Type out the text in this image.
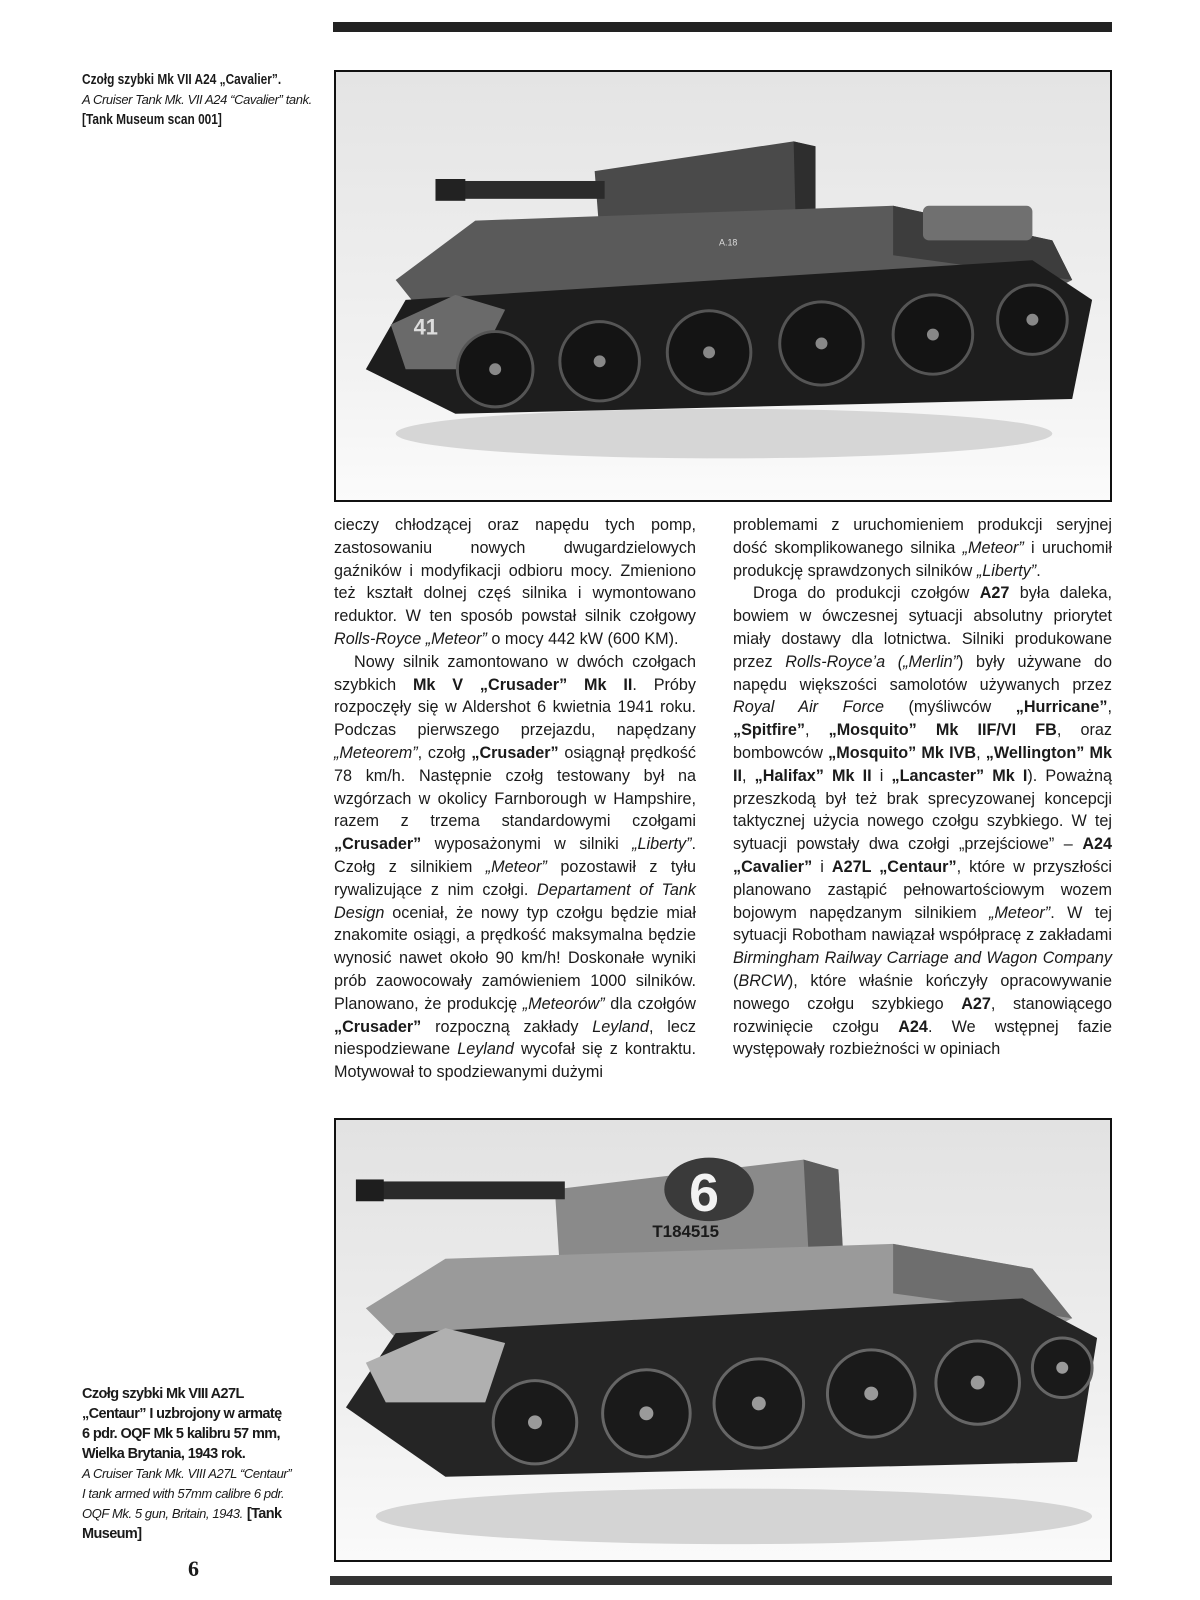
Czołg szybki Mk VII A24 „Cavalier”.
A Cruiser Tank Mk. VII A24 “Cavalier” tank.
[Tank Museum scan 001]
41
A.18

cieczy chłodzącej oraz napędu tych pomp, zastosowaniu nowych dwugardzielowych gaźników i modyfikacji odbioru mocy. Zmieniono też kształt dolnej częś silnika i wymontowano reduktor. W ten sposób powstał silnik czołgowy Rolls-Royce „Meteor” o mocy 442 kW (600 KM).

Nowy silnik zamontowano w dwóch czołgach szybkich Mk V „Crusader” Mk II. Próby rozpoczęły się w Aldershot 6 kwietnia 1941 roku. Podczas pierwszego przejazdu, napędzany „Meteorem”, czołg „Crusader” osiągnął prędkość 78 km/h. Następnie czołg testowany był na wzgórzach w okolicy Farnborough w Hampshire, razem z trzema standardowymi czołgami „Crusader” wyposażonymi w silniki „Liberty”. Czołg z silnikiem „Meteor” pozostawił z tyłu rywalizujące z nim czołgi. Departament of Tank Design oceniał, że nowy typ czołgu będzie miał znakomite osiągi, a prędkość maksymalna będzie wynosić nawet około 90 km/h! Doskonałe wyniki prób zaowocowały zamówieniem 1000 silników. Planowano, że produkcję „Meteorów” dla czołgów „Crusader” rozpoczną zakłady Leyland, lecz niespodziewane Leyland wycofał się z kontraktu. Motywował to spodziewanymi dużymi

problemami z uruchomieniem produkcji seryjnej dość skomplikowanego silnika „Meteor” i uruchomił produkcję sprawdzonych silników „Liberty”.

Droga do produkcji czołgów A27 była daleka, bowiem w ówczesnej sytuacji absolutny priorytet miały dostawy dla lotnictwa. Silniki produkowane przez Rolls-Royce’a („Merlin”) były używane do napędu większości samolotów używanych przez Royal Air Force (myśliwców „Hurricane”, „Spitfire”, „Mosquito” Mk IIF/VI FB, oraz bombowców „Mosquito” Mk IVB, „Wellington” Mk II, „Halifax” Mk II i „Lancaster” Mk I). Poważną przeszkodą był też brak sprecyzowanej koncepcji taktycznej użycia nowego czołgu szybkiego. W tej sytuacji powstały dwa czołgi „przejściowe” – A24 „Cavalier” i A27L „Centaur”, które w przyszłości planowano zastąpić pełnowartościowym wozem bojowym napędzanym silnikiem „Meteor”. W tej sytuacji Robotham nawiązał współpracę z zakładami Birmingham Railway Carriage and Wagon Company (BRCW), które właśnie kończyły opracowywanie nowego czołgu szybkiego A27, stanowiącego rozwinięcie czołgu A24. We wstępnej fazie występowały rozbieżności w opiniach

6
T184515
Czołg szybki Mk VIII A27L „Centaur” I uzbrojony w armatę 6 pdr. OQF Mk 5 kalibru 57 mm, Wielka Brytania, 1943 rok.
A Cruiser Tank Mk. VIII A27L “Centaur” I tank armed with 57mm calibre 6 pdr. OQF Mk. 5 gun, Britain, 1943. [Tank Museum]
6
